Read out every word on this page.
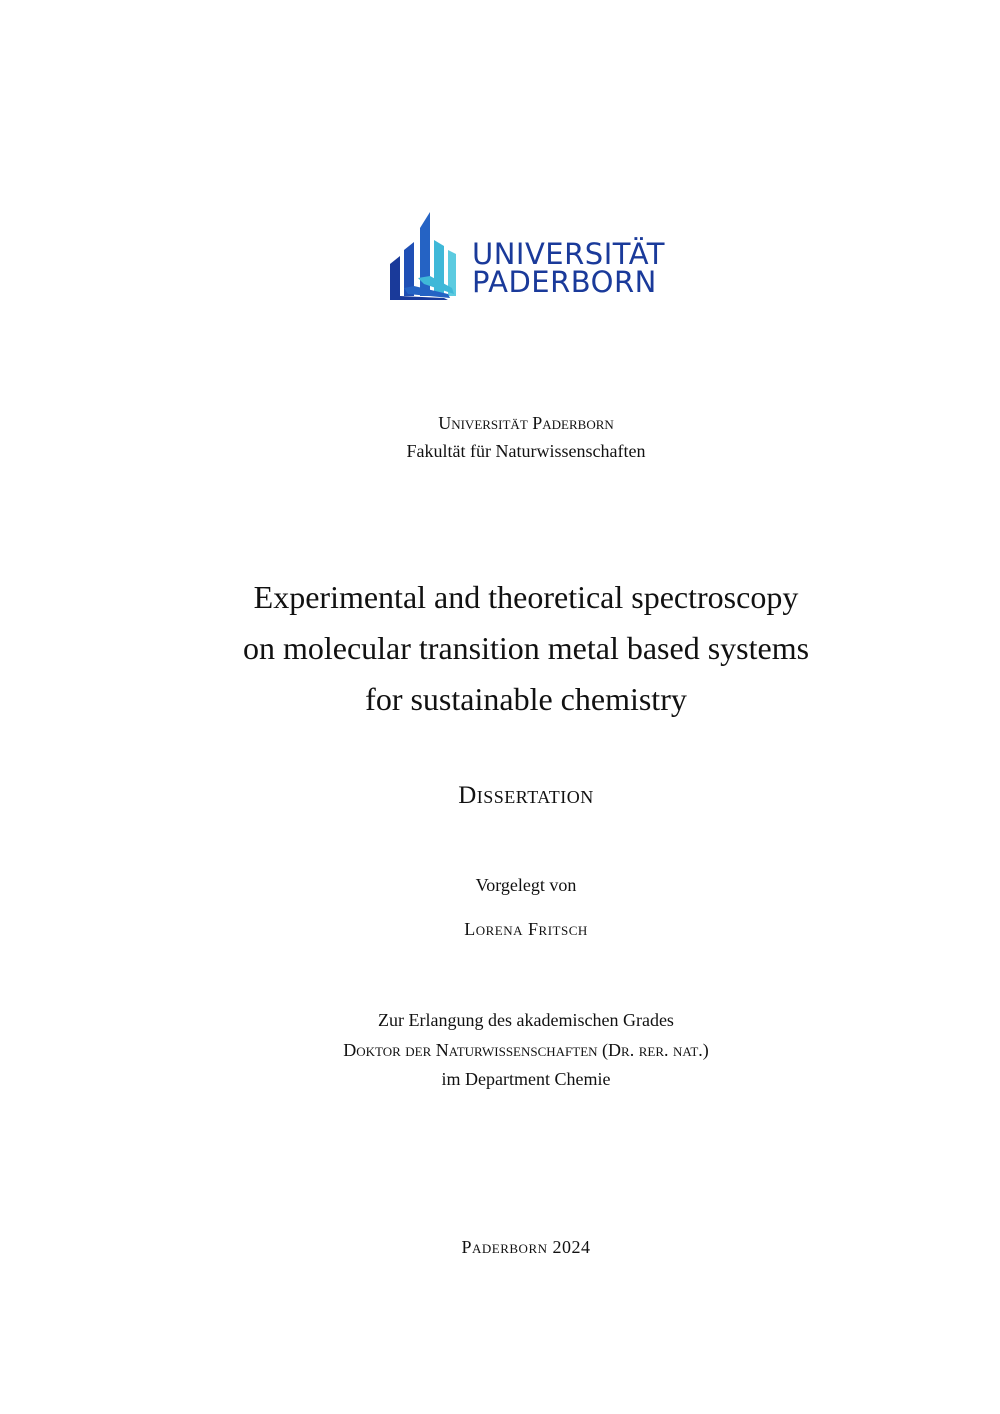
UNIVERSITÄT
PADERBORN
Universität Paderborn
Fakultät für Naturwissenschaften
Experimental and theoretical spectroscopy
on molecular transition metal based systems
for sustainable chemistry
Dissertation
Vorgelegt von
Lorena Fritsch
Zur Erlangung des akademischen Grades
Doktor der Naturwissenschaften (Dr. rer. nat.)
im Department Chemie
Paderborn 2024
